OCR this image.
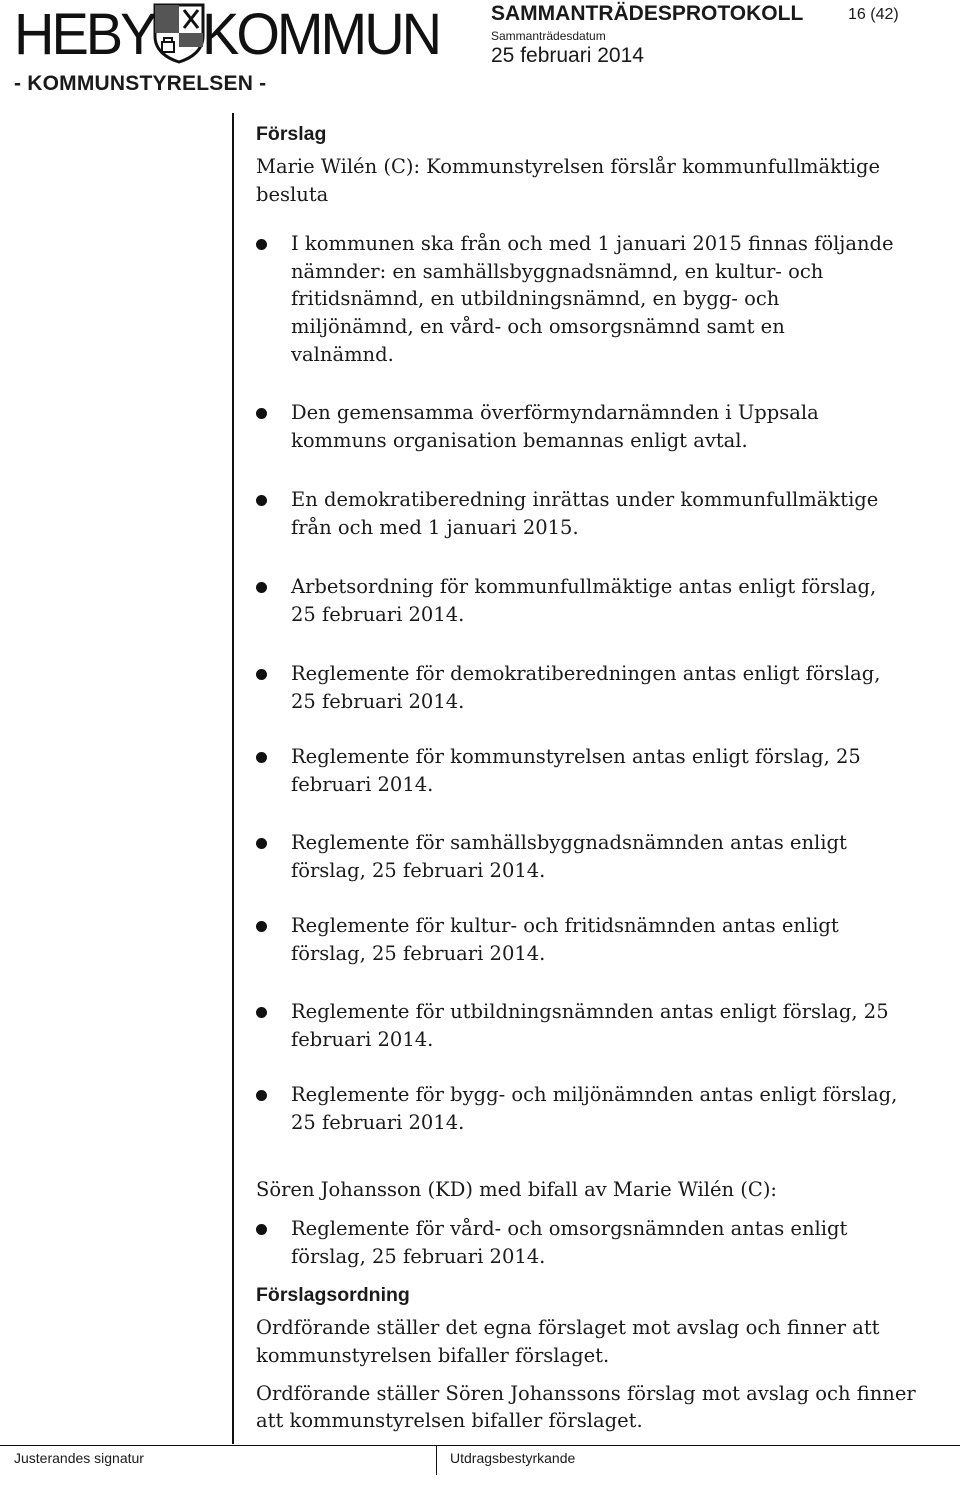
HEBY KOMMUN
- KOMMUNSTYRELSEN -
SAMMANTRÄDESPROTOKOLL
Sammanträdesdatum
25 februari 2014
16 (42)
Förslag
Marie Wilén (C): Kommunstyrelsen förslår kommunfullmäktige
besluta
I kommunen ska från och med 1 januari 2015 finnas följande
nämnder: en samhällsbyggnadsnämnd, en kultur- och
fritidsnämnd, en utbildningsnämnd, en bygg- och
miljönämnd, en vård- och omsorgsnämnd samt en
valnämnd.
Den gemensamma överförmyndarnämnden i Uppsala
kommuns organisation bemannas enligt avtal.
En demokratiberedning inrättas under kommunfullmäktige
från och med 1 januari 2015.
Arbetsordning för kommunfullmäktige antas enligt förslag,
25 februari 2014.
Reglemente för demokratiberedningen antas enligt förslag,
25 februari 2014.
Reglemente för kommunstyrelsen antas enligt förslag, 25
februari 2014.
Reglemente för samhällsbyggnadsnämnden antas enligt
förslag, 25 februari 2014.
Reglemente för kultur- och fritidsnämnden antas enligt
förslag, 25 februari 2014.
Reglemente för utbildningsnämnden antas enligt förslag, 25
februari 2014.
Reglemente för bygg- och miljönämnden antas enligt förslag,
25 februari 2014.
Sören Johansson (KD) med bifall av Marie Wilén (C):
Reglemente för vård- och omsorgsnämnden antas enligt
förslag, 25 februari 2014.
Förslagsordning
Ordförande ställer det egna förslaget mot avslag och finner att
kommunstyrelsen bifaller förslaget.
Ordförande ställer Sören Johanssons förslag mot avslag och finner
att kommunstyrelsen bifaller förslaget.
Justerandes signatur	Utdragsbestyrkande
